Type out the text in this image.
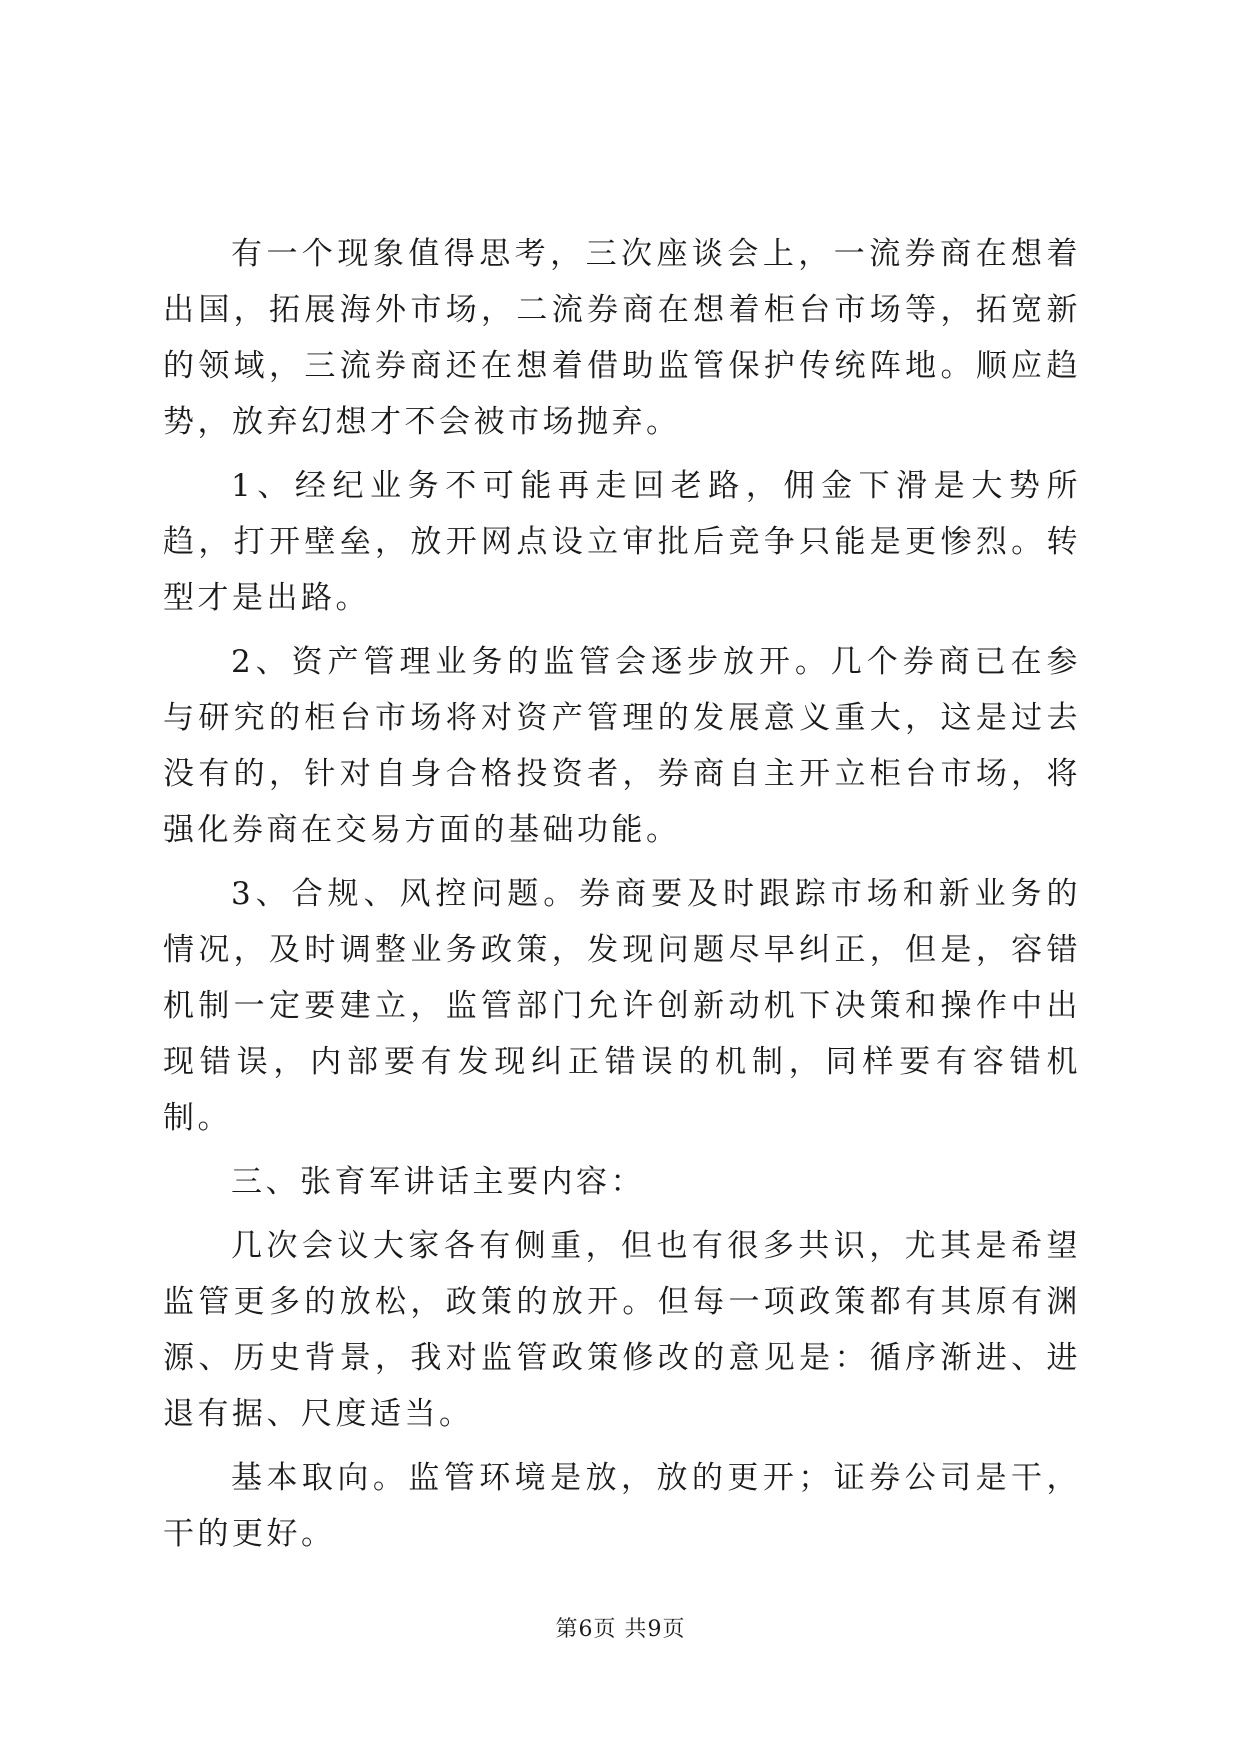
有一个现象值得思考，三次座谈会上，一流券商在想着出国，拓展海外市场，二流券商在想着柜台市场等，拓宽新的领域，三流券商还在想着借助监管保护传统阵地。顺应趋势，放弃幻想才不会被市场抛弃。

1、经纪业务不可能再走回老路，佣金下滑是大势所趋，打开壁垒，放开网点设立审批后竞争只能是更惨烈。转型才是出路。

2、资产管理业务的监管会逐步放开。几个券商已在参与研究的柜台市场将对资产管理的发展意义重大，这是过去没有的，针对自身合格投资者，券商自主开立柜台市场，将强化券商在交易方面的基础功能。

3、合规、风控问题。券商要及时跟踪市场和新业务的情况，及时调整业务政策，发现问题尽早纠正，但是，容错机制一定要建立，监管部门允许创新动机下决策和操作中出现错误，内部要有发现纠正错误的机制，同样要有容错机制。

三、张育军讲话主要内容：

几次会议大家各有侧重，但也有很多共识，尤其是希望监管更多的放松，政策的放开。但每一项政策都有其原有渊源、历史背景，我对监管政策修改的意见是：循序渐进、进退有据、尺度适当。

基本取向。监管环境是放，放的更开；证券公司是干，干的更好。

第6页 共9页
